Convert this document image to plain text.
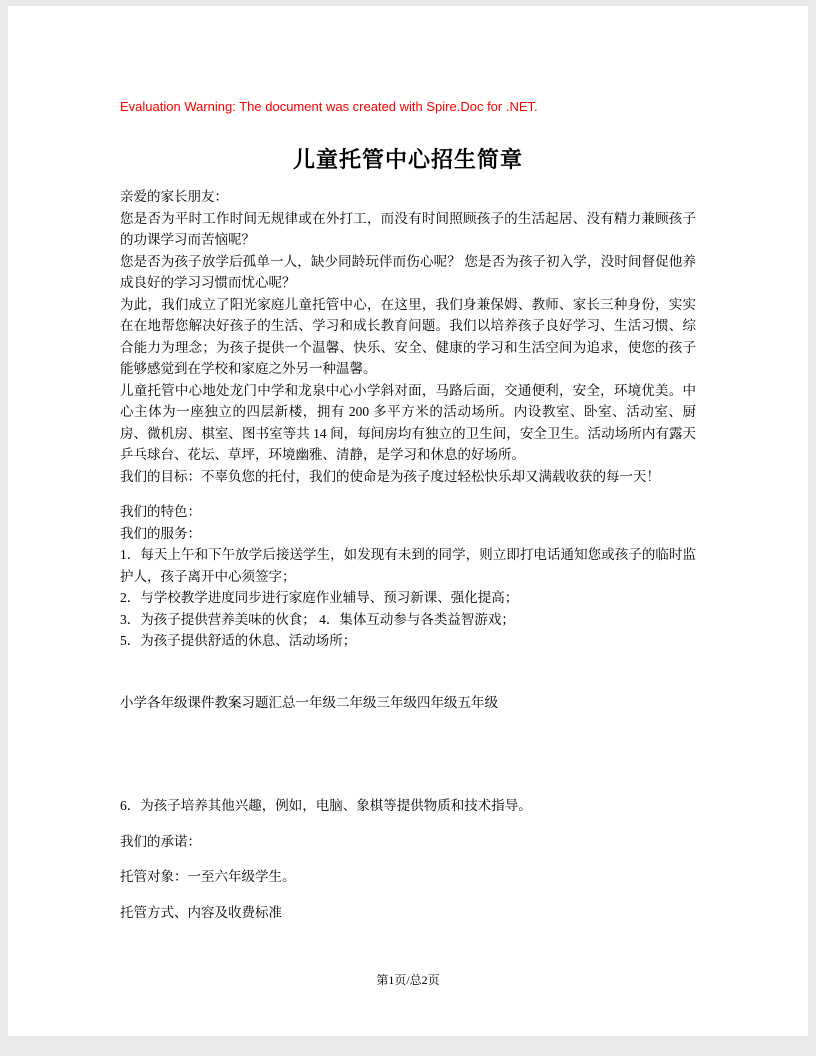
Evaluation Warning: The document was created with Spire.Doc for .NET.
儿童托管中心招生简章

亲爱的家长朋友：

您是否为平时工作时间无规律或在外打工，而没有时间照顾孩子的生活起居、没有精力兼顾孩子的功课学习而苦恼呢？

您是否为孩子放学后孤单一人，缺少同龄玩伴而伤心呢？ 您是否为孩子初入学，没时间督促他养成良好的学习习惯而忧心呢？

为此，我们成立了阳光家庭儿童托管中心，在这里，我们身兼保姆、教师、家长三种身份，实实在在地帮您解决好孩子的生活、学习和成长教育问题。我们以培养孩子良好学习、生活习惯、综合能力为理念；为孩子提供一个温馨、快乐、安全、健康的学习和生活空间为追求，使您的孩子能够感觉到在学校和家庭之外另一种温馨。

儿童托管中心地处龙门中学和龙泉中心小学斜对面，马路后面，交通便利，安全，环境优美。中心主体为一座独立的四层新楼，拥有 200 多平方米的活动场所。内设教室、卧室、活动室、厨房、微机房、棋室、图书室等共 14 间，每间房均有独立的卫生间，安全卫生。活动场所内有露天乒乓球台、花坛、草坪，环境幽雅、清静，是学习和休息的好场所。

我们的目标：不辜负您的托付，我们的使命是为孩子度过轻松快乐却又满载收获的每一天！

我们的特色：

我们的服务：

1．每天上午和下午放学后接送学生，如发现有未到的同学，则立即打电话通知您或孩子的临时监护人，孩子离开中心须签字；

2．与学校教学进度同步进行家庭作业辅导、预习新课、强化提高；

3．为孩子提供营养美味的伙食； 4．集体互动参与各类益智游戏；

5．为孩子提供舒适的休息、活动场所；

小学各年级课件教案习题汇总一年级二年级三年级四年级五年级

6．为孩子培养其他兴趣，例如，电脑、象棋等提供物质和技术指导。

我们的承诺：

托管对象：一至六年级学生。

托管方式、内容及收费标准

第1页/总2页
